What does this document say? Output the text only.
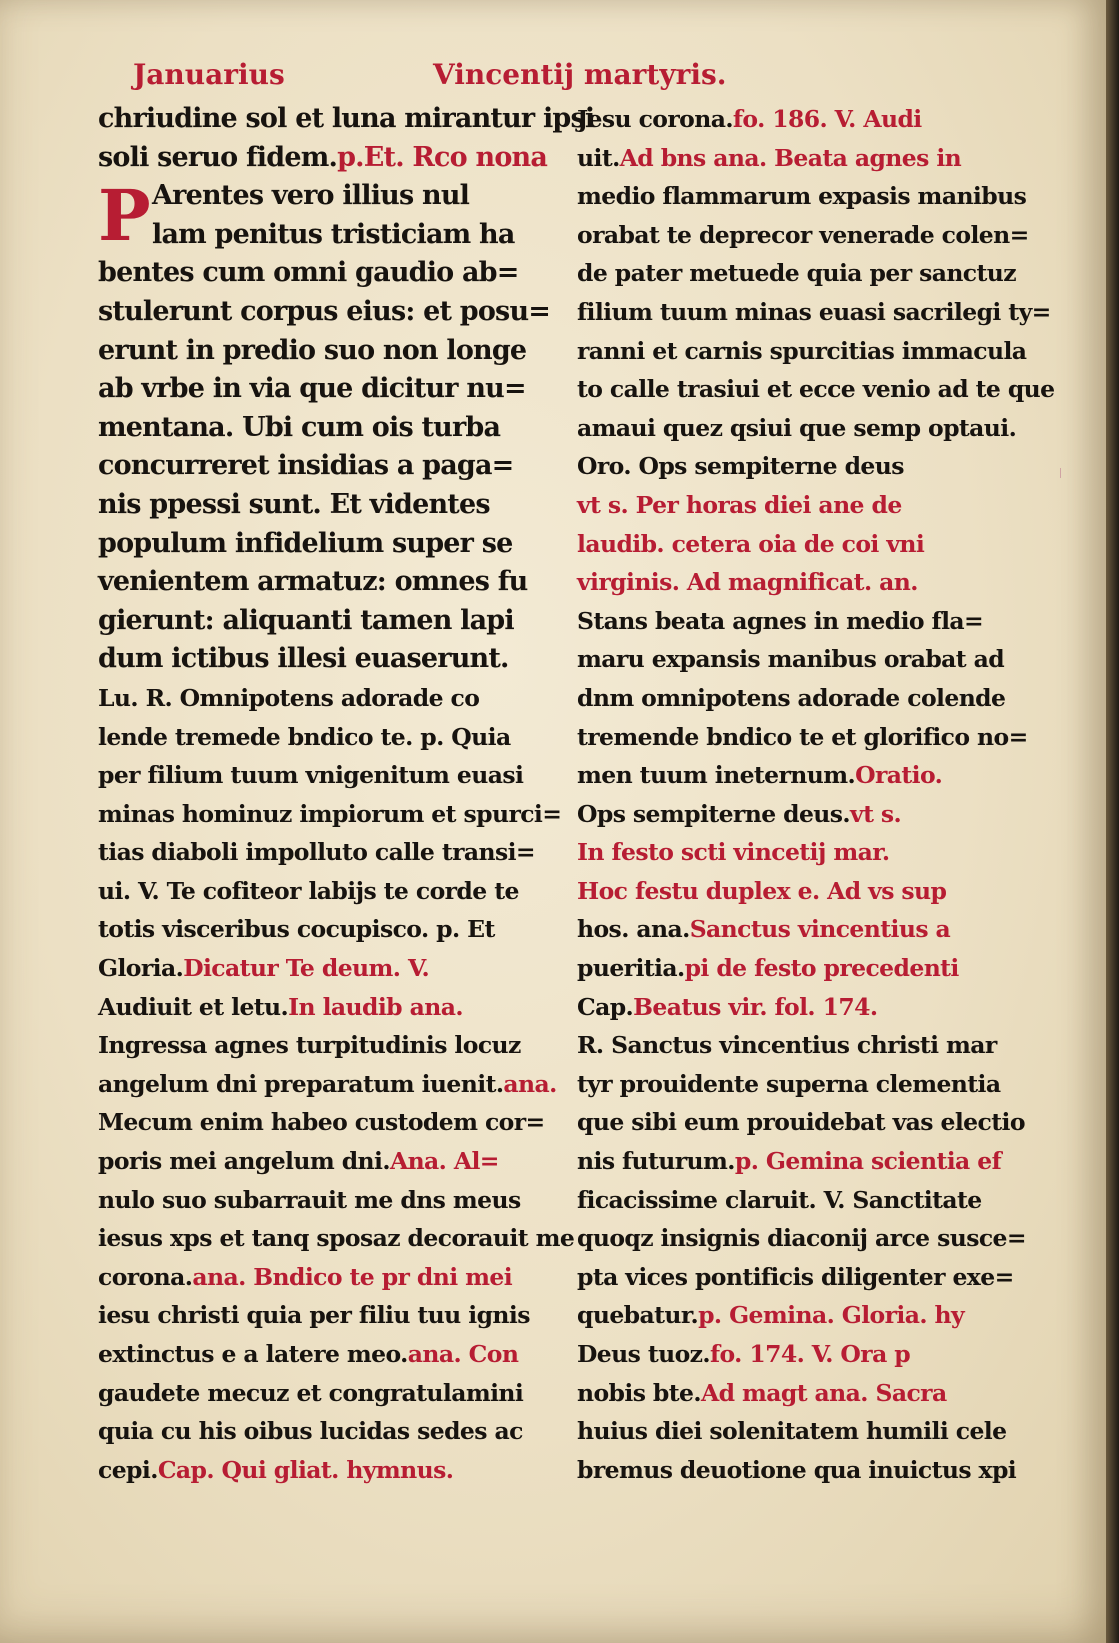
Januarius	Vincentij martyris.
chriudine sol et luna mirantur ipsi
soli seruo fidem.p.Et. Rco nona
P Arentes vero illius nul
lam penitus tristiciam ha
bentes cum omni gaudio ab=
stulerunt corpus eius: et posu=
erunt in predio suo non longe
ab vrbe in via que dicitur nu=
mentana. Ubi cum ois turba
concurreret insidias a paga=
nis ppessi sunt. Et videntes
populum infidelium super se
venientem armatuz: omnes fu
gierunt: aliquanti tamen lapi
dum ictibus illesi euaserunt.
Lu. R. Omnipotens adorade co
lende tremede bndico te. p. Quia
per filium tuum vnigenitum euasi
minas hominuz impiorum et spurci=
tias diaboli impolluto calle transi=
ui. V. Te cofiteor labijs te corde te
totis visceribus cocupisco. p. Et
Gloria.Dicatur Te deum. V.
Audiuit et letu.In laudib ana.
Ingressa agnes turpitudinis locuz
angelum dni preparatum iuenit.ana.
Mecum enim habeo custodem cor=
poris mei angelum dni.Ana. Al=
nulo suo subarrauit me dns meus
iesus xps et tanq sposaz decorauit me
corona.ana. Bndico te pr dni mei
iesu christi quia per filiu tuu ignis
extinctus e a latere meo.ana. Con
gaudete mecuz et congratulamini
quia cu his oibus lucidas sedes ac
cepi.Cap. Qui gliat. hymnus.
Jesu corona.fo. 186. V. Audi
uit.Ad bns ana. Beata agnes in
medio flammarum expasis manibus
orabat te deprecor venerade colen=
de pater metuede quia per sanctuz
filium tuum minas euasi sacrilegi ty=
ranni et carnis spurcitias immacula
to calle trasiui et ecce venio ad te que
amaui quez qsiui que semp optaui.
Oro. Ops sempiterne deus
vt s. Per horas diei ane de
laudib. cetera oia de coi vni
virginis. Ad magnificat. an.
Stans beata agnes in medio fla=
maru expansis manibus orabat ad
dnm omnipotens adorade colende
tremende bndico te et glorifico no=
men tuum ineternum.Oratio.
Ops sempiterne deus.vt s.
In festo scti vincetij mar.
Hoc festu duplex e. Ad vs sup
hos. ana.Sanctus vincentius a
pueritia.pi de festo precedenti
Cap.Beatus vir. fol. 174.
R. Sanctus vincentius christi mar
tyr prouidente superna clementia
que sibi eum prouidebat vas electio
nis futurum.p. Gemina scientia ef
ficacissime claruit. V. Sanctitate
quoqz insignis diaconij arce susce=
pta vices pontificis diligenter exe=
quebatur.p. Gemina. Gloria. hy
Deus tuoz.fo. 174. V. Ora p
nobis bte.Ad magt ana. Sacra
huius diei solenitatem humili cele
bremus deuotione qua inuictus xpi
